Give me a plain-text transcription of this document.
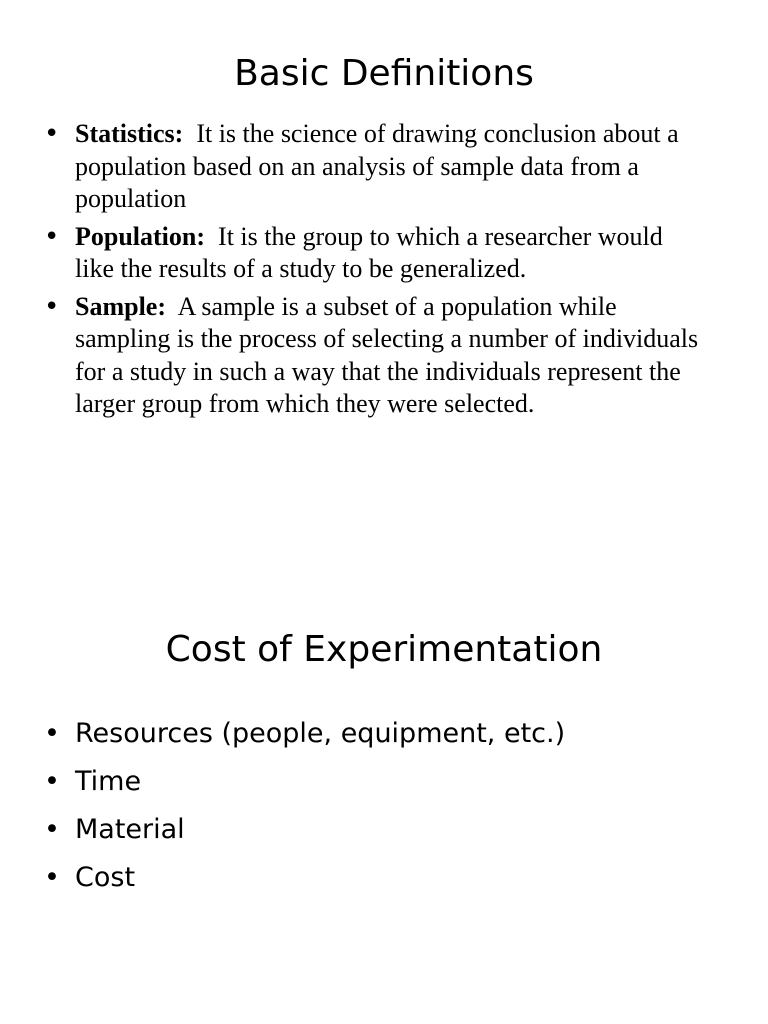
Basic Definitions
• Statistics:  It is the science of drawing conclusion about a population based on an analysis of sample data from a population
• Population:  It is the group to which a researcher would like the results of a study to be generalized.
• Sample:  A sample is a subset of a population while sampling is the process of selecting a number of individuals for a study in such a way that the individuals represent the larger group from which they were selected.
Cost of Experimentation
• Resources (people, equipment, etc.)
• Time
• Material
• Cost
